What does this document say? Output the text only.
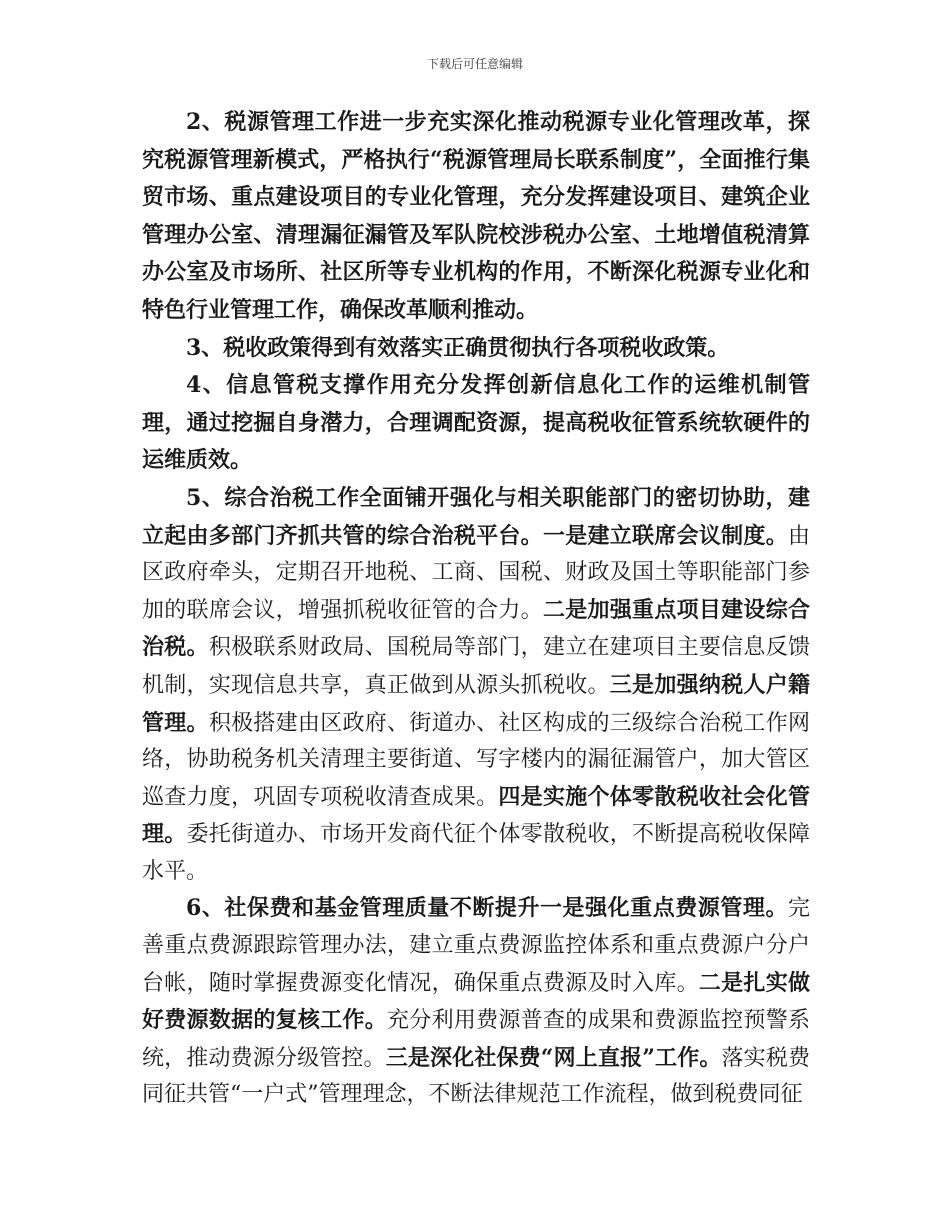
下载后可任意编辑

2、税源管理工作进一步充实深化推动税源专业化管理改革，探究税源管理新模式，严格执行“税源管理局长联系制度”，全面推行集贸市场、重点建设项目的专业化管理，充分发挥建设项目、建筑企业管理办公室、清理漏征漏管及军队院校涉税办公室、土地增值税清算办公室及市场所、社区所等专业机构的作用，不断深化税源专业化和特色行业管理工作，确保改革顺利推动。

3、税收政策得到有效落实正确贯彻执行各项税收政策。

4、信息管税支撑作用充分发挥创新信息化工作的运维机制管理，通过挖掘自身潜力，合理调配资源，提高税收征管系统软硬件的运维质效。

5、综合治税工作全面铺开强化与相关职能部门的密切协助，建立起由多部门齐抓共管的综合治税平台。一是建立联席会议制度。由区政府牵头，定期召开地税、工商、国税、财政及国土等职能部门参加的联席会议，增强抓税收征管的合力。二是加强重点项目建设综合治税。积极联系财政局、国税局等部门，建立在建项目主要信息反馈机制，实现信息共享，真正做到从源头抓税收。三是加强纳税人户籍管理。积极搭建由区政府、街道办、社区构成的三级综合治税工作网络，协助税务机关清理主要街道、写字楼内的漏征漏管户，加大管区巡查力度，巩固专项税收清查成果。四是实施个体零散税收社会化管理。委托街道办、市场开发商代征个体零散税收，不断提高税收保障水平。

6、社保费和基金管理质量不断提升一是强化重点费源管理。完善重点费源跟踪管理办法，建立重点费源监控体系和重点费源户分户台帐，随时掌握费源变化情况，确保重点费源及时入库。二是扎实做好费源数据的复核工作。充分利用费源普查的成果和费源监控预警系统，推动费源分级管控。三是深化社保费“网上直报”工作。落实税费同征共管“一户式”管理理念，不断法律规范工作流程，做到税费同征
